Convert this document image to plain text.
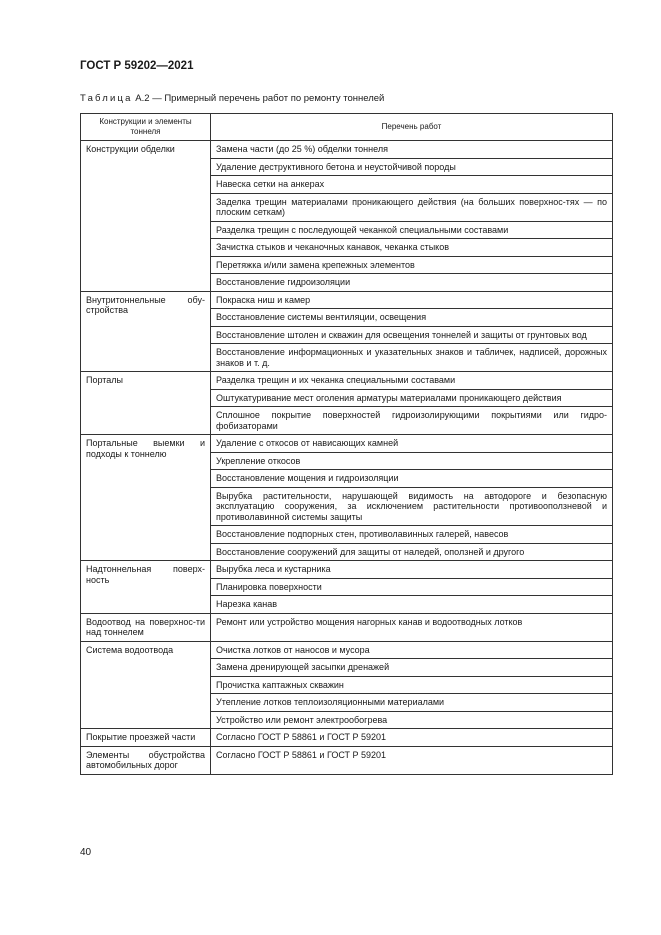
ГОСТ Р 59202—2021
Таблица А.2 — Примерный перечень работ по ремонту тоннелей
Конструкции и элементы тоннеля	Перечень работ
Конструкции обделки	Замена части (до 25 %) обделки тоннеля
	Удаление деструктивного бетона и неустойчивой породы
	Навеска сетки на анкерах
	Заделка трещин материалами проникающего действия (на больших поверхнос-тях — по плоским сеткам)
	Разделка трещин с последующей чеканкой специальными составами
	Зачистка стыков и чеканочных канавок, чеканка стыков
	Перетяжка и/или замена крепежных элементов
	Восстановление гидроизоляции
Внутритоннельные обу-стройства	Покраска ниш и камер
	Восстановление системы вентиляции, освещения
	Восстановление штолен и скважин для освещения тоннелей и защиты от грунтовых вод
	Восстановление информационных и указательных знаков и табличек, надписей, дорожных знаков и т. д.
Порталы	Разделка трещин и их чеканка специальными составами
	Оштукатуривание мест оголения арматуры материалами проникающего действия
	Сплошное покрытие поверхностей гидроизолирующими покрытиями или гидро-фобизаторами
Портальные выемки и подходы к тоннелю	Удаление с откосов от нависающих камней
	Укрепление откосов
	Восстановление мощения и гидроизоляции
	Вырубка растительности, нарушающей видимость на автодороге и безопасную эксплуатацию сооружения, за исключением растительности противооползневой и противолавинной системы защиты
	Восстановление подпорных стен, противолавинных галерей, навесов
	Восстановление сооружений для защиты от наледей, оползней и другого
Надтоннельная поверх-ность	Вырубка леса и кустарника
	Планировка поверхности
	Нарезка канав
Водоотвод на поверхнос-ти над тоннелем	Ремонт или устройство мощения нагорных канав и водоотводных лотков
Система водоотвода	Очистка лотков от наносов и мусора
	Замена дренирующей засыпки дренажей
	Прочистка каптажных скважин
	Утепление лотков теплоизоляционными материалами
	Устройство или ремонт электрообогрева
Покрытие проезжей части	Согласно ГОСТ Р 58861 и ГОСТ Р 59201
Элементы обустройства автомобильных дорог	Согласно ГОСТ Р 58861 и ГОСТ Р 59201
40
